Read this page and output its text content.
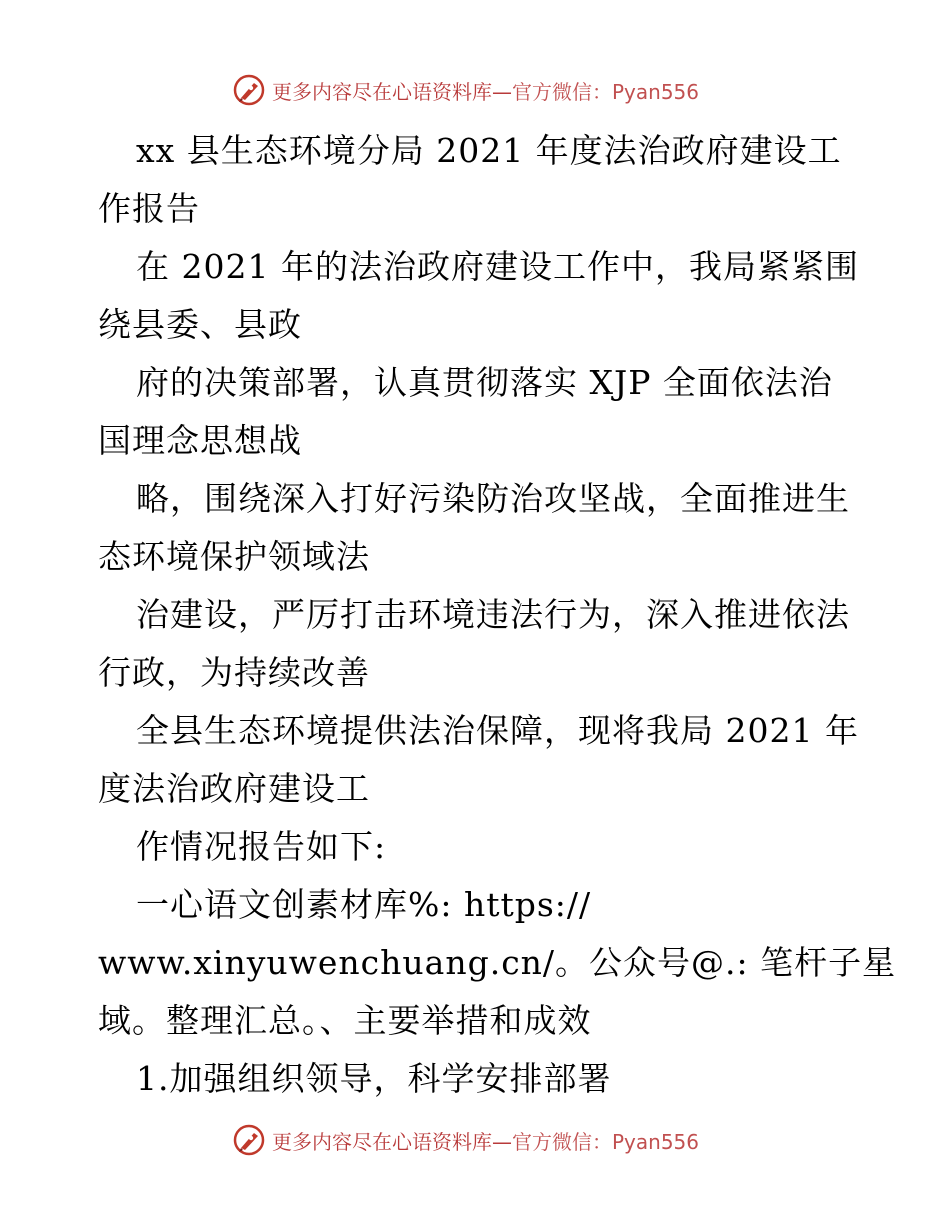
更多内容尽在心语资料库—官方微信：Pyan556
xx 县生态环境分局 2021 年度法治政府建设工
作报告
在 2021 年的法治政府建设工作中，我局紧紧围
绕县委、县政
府的决策部署，认真贯彻落实 XJP 全面依法治
国理念思想战
略，围绕深入打好污染防治攻坚战，全面推进生
态环境保护领域法
治建设，严厉打击环境违法行为，深入推进依法
行政，为持续改善
全县生态环境提供法治保障，现将我局 2021 年
度法治政府建设工
作情况报告如下:
一心语文创素材库%: https://
www.xinyuwenchuang.cn/。公众号@.: 笔杆子星
域。整理汇总。、主要举措和成效
1.加强组织领导，科学安排部署
更多内容尽在心语资料库—官方微信：Pyan556
